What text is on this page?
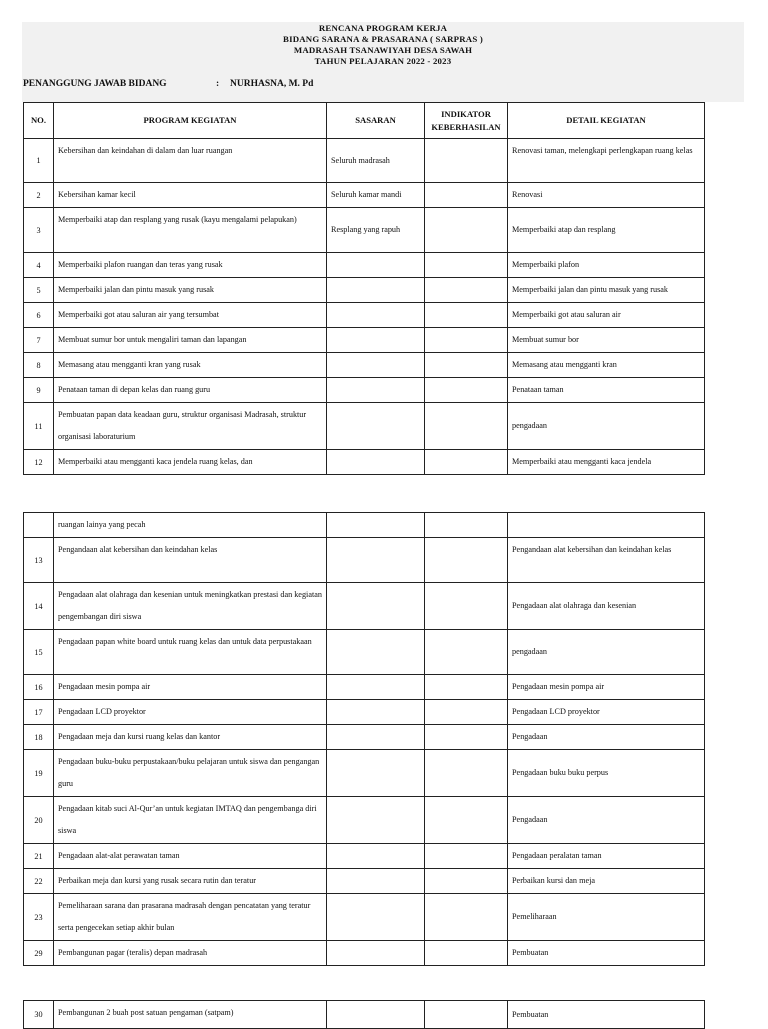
RENCANA PROGRAM KERJA
BIDANG SARANA & PRASARANA ( SARPRAS )
MADRASAH TSANAWIYAH DESA SAWAH
TAHUN PELAJARAN 2022 - 2023
PENANGGUNG JAWAB BIDANG	: NURHASNA, M. Pd
NO.	PROGRAM KEGIATAN	SASARAN	INDIKATOR KEBERHASILAN	DETAIL KEGIATAN
1	Kebersihan dan keindahan di dalam dan luar ruangan	Seluruh madrasah		Renovasi taman, melengkapi perlengkapan ruang kelas
2	Kebersihan kamar kecil	Seluruh kamar mandi		Renovasi
3	Memperbaiki atap dan resplang yang rusak (kayu mengalami pelapukan)	Resplang yang rapuh		Memperbaiki atap dan resplang
4	Memperbaiki plafon ruangan dan teras yang rusak			Memperbaiki plafon
5	Memperbaiki jalan dan pintu masuk yang rusak			Memperbaiki jalan dan pintu masuk yang rusak
6	Memperbaiki got atau saluran air yang tersumbat			Memperbaiki got atau saluran air
7	Membuat sumur bor untuk mengaliri taman dan lapangan			Membuat sumur bor
8	Memasang atau mengganti kran yang rusak			Memasang atau mengganti kran
9	Penataan taman di depan kelas dan ruang guru			Penataan taman
11	Pembuatan papan data keadaan guru, struktur organisasi Madrasah, struktur organisasi laboraturium			pengadaan
12	Memperbaiki atau mengganti kaca jendela ruang kelas, dan			Memperbaiki atau mengganti kaca jendela
	ruangan lainya yang pecah			
13	Pengandaan alat kebersihan dan keindahan kelas			Pengandaan alat kebersihan dan keindahan kelas
14	Pengadaan alat olahraga dan kesenian untuk meningkatkan prestasi dan kegiatan pengembangan diri siswa			Pengadaan alat olahraga dan kesenian
15	Pengadaan papan white board untuk ruang kelas dan untuk data perpustakaan			pengadaan
16	Pengadaan mesin pompa air			Pengadaan mesin pompa air
17	Pengadaan LCD proyektor			Pengadaan LCD proyektor
18	Pengadaan meja dan kursi ruang kelas dan kantor			Pengadaan
19	Pengadaan buku-buku perpustakaan/buku pelajaran untuk siswa dan pengangan guru			Pengadaan buku buku perpus
20	Pengadaan kitab suci Al-Qur’an untuk kegiatan IMTAQ dan pengembanga diri siswa			Pengadaan
21	Pengadaan alat-alat perawatan taman			Pengadaan peralatan taman
22	Perbaikan meja dan kursi yang rusak secara rutin dan teratur			Perbaikan kursi dan meja
23	Pemeliharaan sarana dan prasarana madrasah dengan pencatatan yang teratur serta pengecekan setiap akhir bulan			Pemeliharaan
29	Pembangunan pagar (teralis) depan madrasah			Pembuatan
30	Pembangunan 2 buah post satuan pengaman (satpam)			Pembuatan
